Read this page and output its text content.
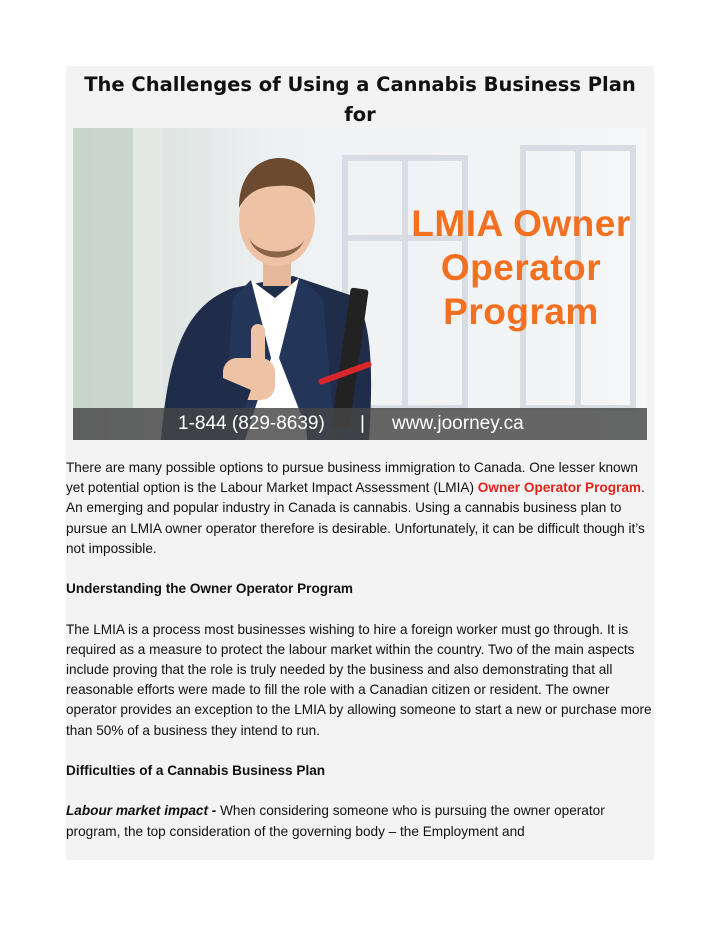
The Challenges of Using a Cannabis Business Plan for
LMIA Owner
Operator
Program
1-844 (829-8639) | www.joorney.ca

There are many possible options to pursue business immigration to Canada. One lesser known yet potential option is the Labour Market Impact Assessment (LMIA) Owner Operator Program. An emerging and popular industry in Canada is cannabis. Using a cannabis business plan to pursue an LMIA owner operator therefore is desirable. Unfortunately, it can be difficult though it’s not impossible.

Understanding the Owner Operator Program

The LMIA is a process most businesses wishing to hire a foreign worker must go through. It is required as a measure to protect the labour market within the country. Two of the main aspects include proving that the role is truly needed by the business and also demonstrating that all reasonable efforts were made to fill the role with a Canadian citizen or resident. The owner operator provides an exception to the LMIA by allowing someone to start a new or purchase more than 50% of a business they intend to run.

Difficulties of a Cannabis Business Plan

Labour market impact - When considering someone who is pursuing the owner operator program, the top consideration of the governing body – the Employment and
